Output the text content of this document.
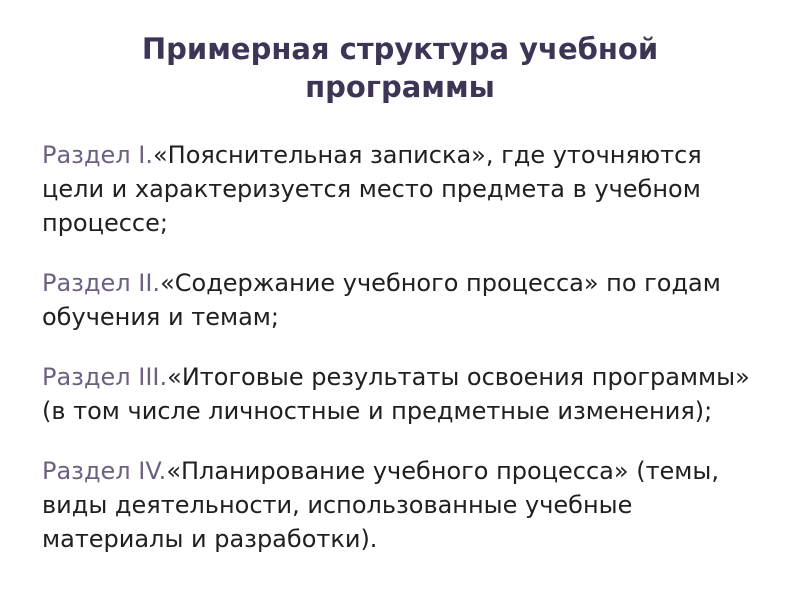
Примерная структура учебной программы

Раздел I.«Пояснительная записка», где уточняются цели и характеризуется место предмета в учебном процессе;

Раздел II.«Содержание учебного процесса» по годам обучения и темам;

Раздел III.«Итоговые результаты освоения программы» (в том числе личностные и предметные изменения);

Раздел IV.«Планирование учебного процесса» (темы, виды деятельности, использованные учебные материалы и разработки).
